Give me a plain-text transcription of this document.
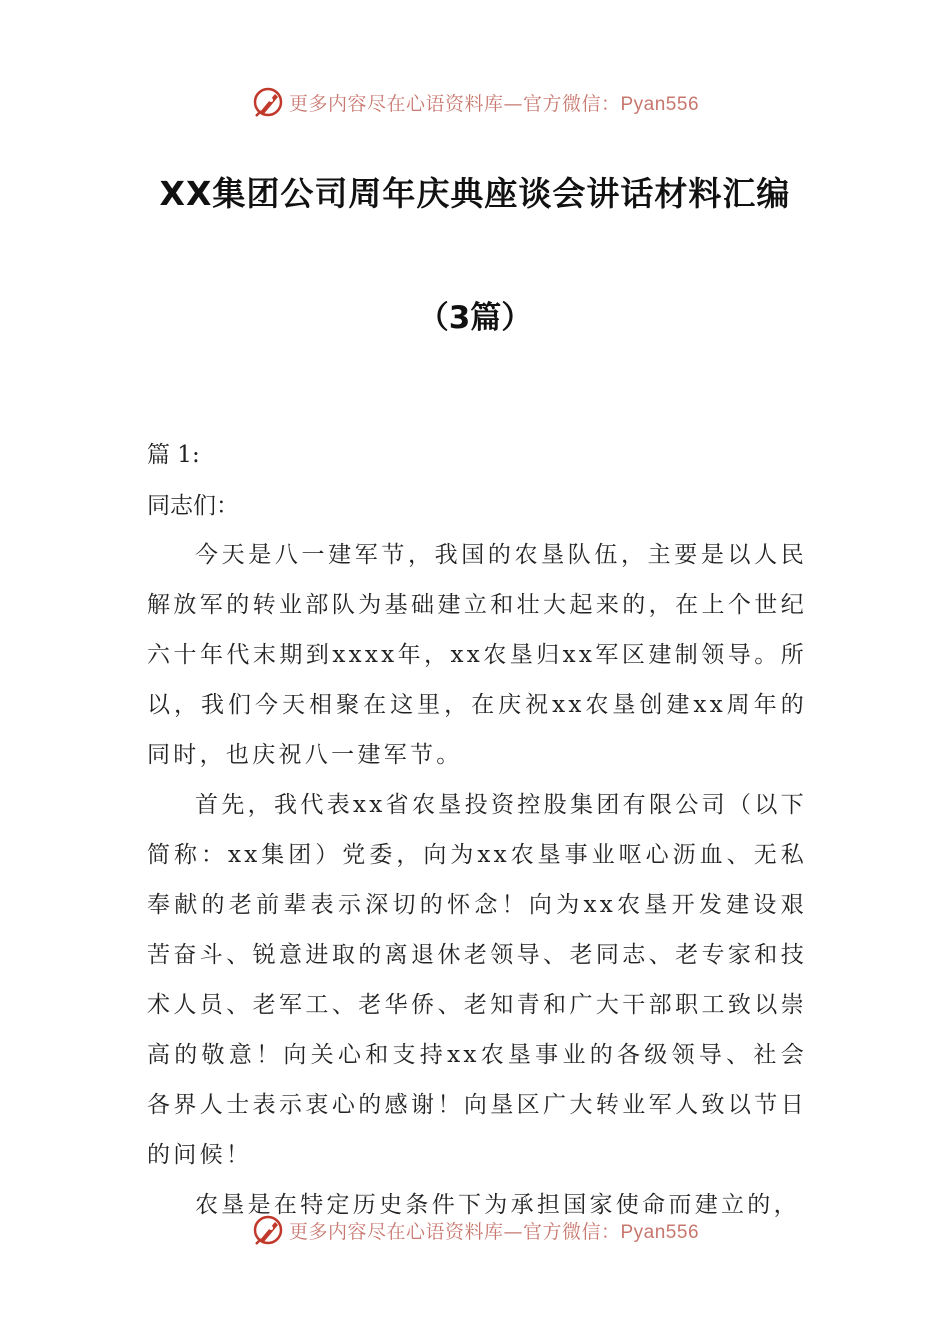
更多内容尽在心语资料库—官方微信：Pyan556
XX集团公司周年庆典座谈会讲话材料汇编
（3篇）
篇 1:
同志们：

今天是八一建军节，我国的农垦队伍，主要是以人民解放军的转业部队为基础建立和壮大起来的，在上个世纪六十年代末期到xxxx年，xx农垦归xx军区建制领导。所以，我们今天相聚在这里，在庆祝xx农垦创建xx周年的同时，也庆祝八一建军节。

首先，我代表xx省农垦投资控股集团有限公司（以下简称：xx集团）党委，向为xx农垦事业呕心沥血、无私奉献的老前辈表示深切的怀念！向为xx农垦开发建设艰苦奋斗、锐意进取的离退休老领导、老同志、老专家和技术人员、老军工、老华侨、老知青和广大干部职工致以崇高的敬意！向关心和支持xx农垦事业的各级领导、社会各界人士表示衷心的感谢！向垦区广大转业军人致以节日的问候！

农垦是在特定历史条件下为承担国家使命而建立的，

更多内容尽在心语资料库—官方微信：Pyan556
